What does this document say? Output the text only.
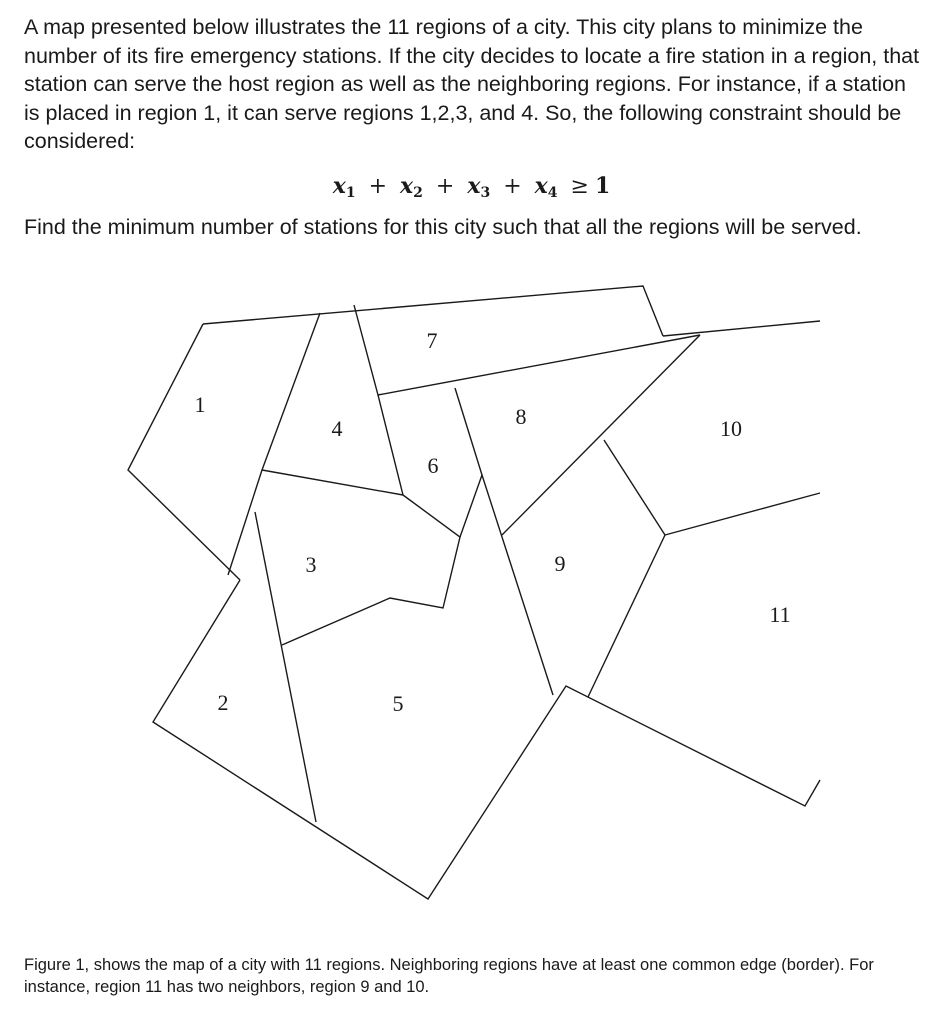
A map presented below illustrates the 11 regions of a city. This city plans to minimize the number of its fire emergency stations. If the city decides to locate a fire station in a region, that station can serve the host region as well as the neighboring regions. For instance, if a station is placed in region 1, it can serve regions 1,2,3, and 4. So, the following constraint should be considered:

$x_1 + x_2 + x_3 + x_4 \ge 1$

Find the minimum number of stations for this city such that all the regions will be served.

1
2
3
4
5
6
7
8
9
10
11

Figure 1, shows the map of a city with 11 regions. Neighboring regions have at least one common edge (border). For instance, region 11 has two neighbors, region 9 and 10.
